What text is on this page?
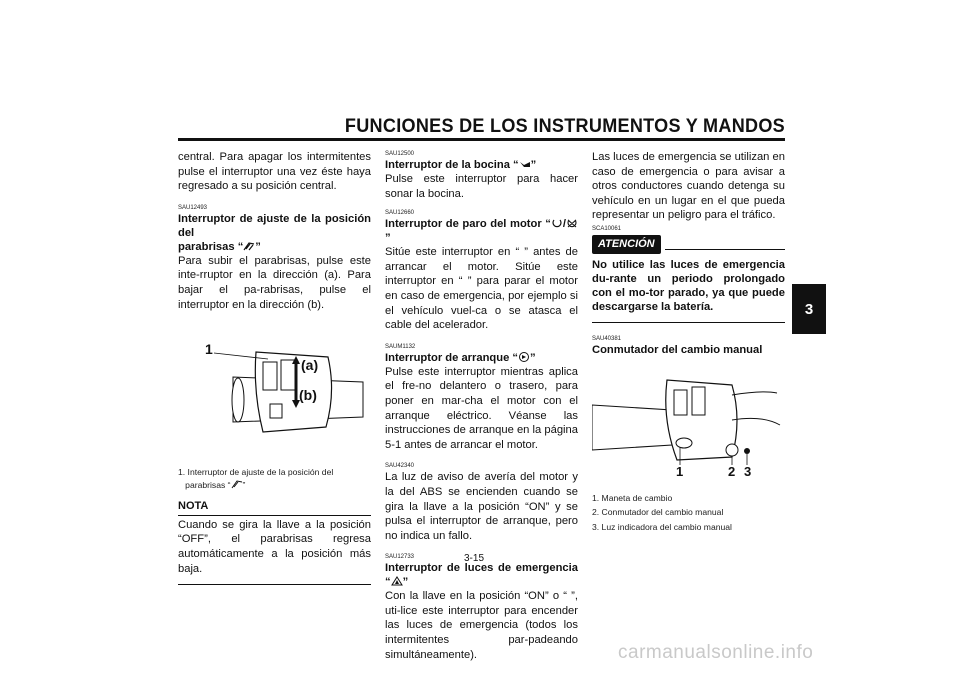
FUNCIONES DE LOS INSTRUMENTOS Y MANDOS
3

central. Para apagar los intermitentes pulse el interruptor una vez éste haya regresado a su posición central.

SAU12493

Interruptor de ajuste de la posición del
parabrisas “ ”

Para subir el parabrisas, pulse este inte-rruptor en la dirección (a). Para bajar el pa-rabrisas, pulse el interruptor en la dirección (b).

1
(a)
(b)

1. Interruptor de ajuste de la posición del
parabrisas “ ”

NOTA

Cuando se gira la llave a la posición “OFF”, el parabrisas regresa automáticamente a la posición más baja.

SAU12500

Interruptor de la bocina “ ”

Pulse este interruptor para hacer sonar la bocina.

SAU12660

Interruptor de paro del motor “ /”

Sitúe este interruptor en “ ” antes de arrancar el motor. Sitúe este interruptor en “ ” para parar el motor en caso de emergencia, por ejemplo si el vehículo vuel-ca o se atasca el cable del acelerador.

SAUM1132

Interruptor de arranque “ ”

Pulse este interruptor mientras aplica el fre-no delantero o trasero, para poner en mar-cha el motor con el arranque eléctrico. Véanse las instrucciones de arranque en la página 5-1 antes de arrancar el motor.

SAU42340

La luz de aviso de avería del motor y la del ABS se encienden cuando se gira la llave a la posición “ON” y se pulsa el interruptor de arranque, pero no indica un fallo.

SAU12733

Interruptor de luces de emergencia “ ”

Con la llave en la posición “ON” o “ ”, uti-lice este interruptor para encender las luces de emergencia (todos los intermitentes par-padeando simultáneamente).

Las luces de emergencia se utilizan en caso de emergencia o para avisar a otros conductores cuando detenga su vehículo en un lugar en el que pueda representar un peligro para el tráfico.

SCA10061

ATENCIÓN

No utilice las luces de emergencia du-rante un periodo prolongado con el mo-tor parado, ya que puede descargarse la batería.

SAU40381

Conmutador del cambio manual

1	2 3

1. Maneta de cambio

2. Conmutador del cambio manual

3. Luz indicadora del cambio manual

3-15
carmanualsonline.info
